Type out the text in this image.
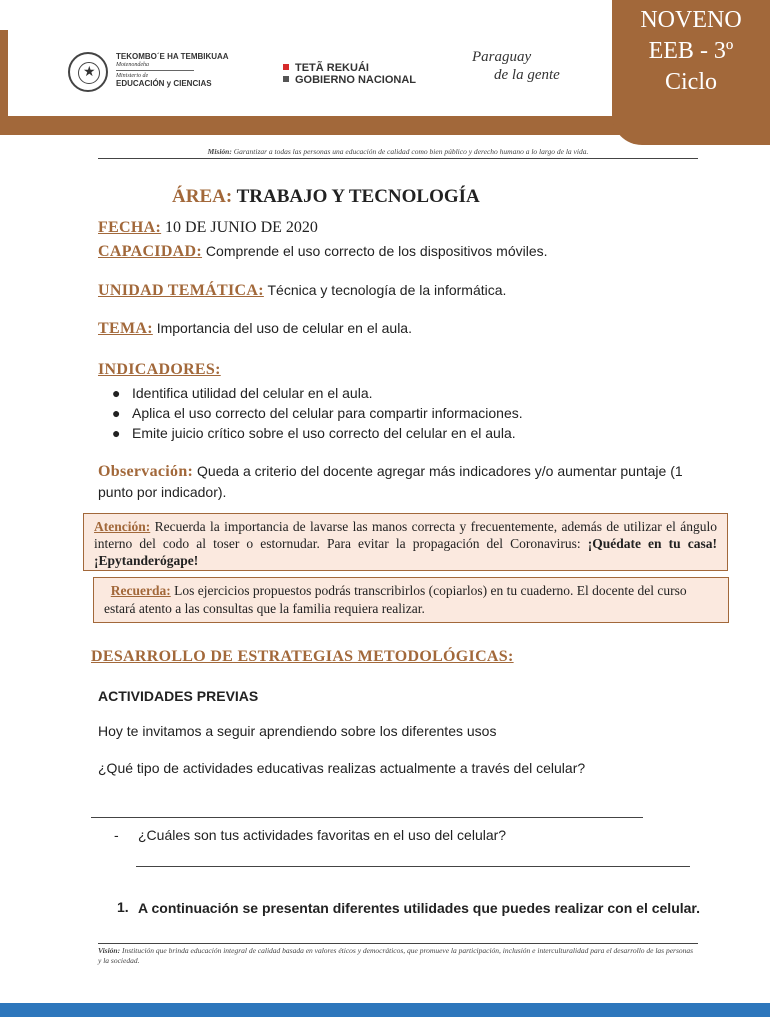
★
TEKOMBO´E HA TEMBIKUAA
Motenondeha
Ministerio de
EDUCACIÓN y CIENCIAS
TETÃ REKUÁI
GOBIERNO NACIONAL
Paraguay
de la gente
NOVENO
EEB - 3º
Ciclo
Misión: Garantizar a todas las personas una educación de calidad como bien público y derecho humano a lo largo de la vida.
ÁREA: TRABAJO Y TECNOLOGÍA
FECHA: 10 DE JUNIO DE 2020
CAPACIDAD: Comprende el uso correcto de los dispositivos móviles.
UNIDAD TEMÁTICA: Técnica y tecnología de la informática.
TEMA: Importancia del uso de celular en el aula.
INDICADORES:
● Identifica utilidad del celular en el aula.
● Aplica el uso correcto del celular para compartir informaciones.
● Emite juicio crítico sobre el uso correcto del celular en el aula.
Observación: Queda a criterio del docente agregar más indicadores y/o aumentar puntaje (1 punto por indicador).
Atención: Recuerda la importancia de lavarse las manos correcta y frecuentemente, además de utilizar el ángulo interno del codo al toser o estornudar. Para evitar la propagación del Coronavirus: ¡Quédate en tu casa! ¡Epytanderógape!
Recuerda: Los ejercicios propuestos podrás transcribirlos (copiarlos) en tu cuaderno. El docente del curso estará atento a las consultas que la familia requiera realizar.
DESARROLLO DE ESTRATEGIAS METODOLÓGICAS:
ACTIVIDADES PREVIAS
Hoy te invitamos a seguir aprendiendo sobre los diferentes usos
¿Qué tipo de actividades educativas realizas actualmente a través del celular?
- ¿Cuáles son tus actividades favoritas en el uso del celular?
1. A continuación se presentan diferentes utilidades que puedes realizar con el celular.
Visión: Institución que brinda educación integral de calidad basada en valores éticos y democráticos, que promueve la participación, inclusión e interculturalidad para el desarrollo de las personas y la sociedad.
